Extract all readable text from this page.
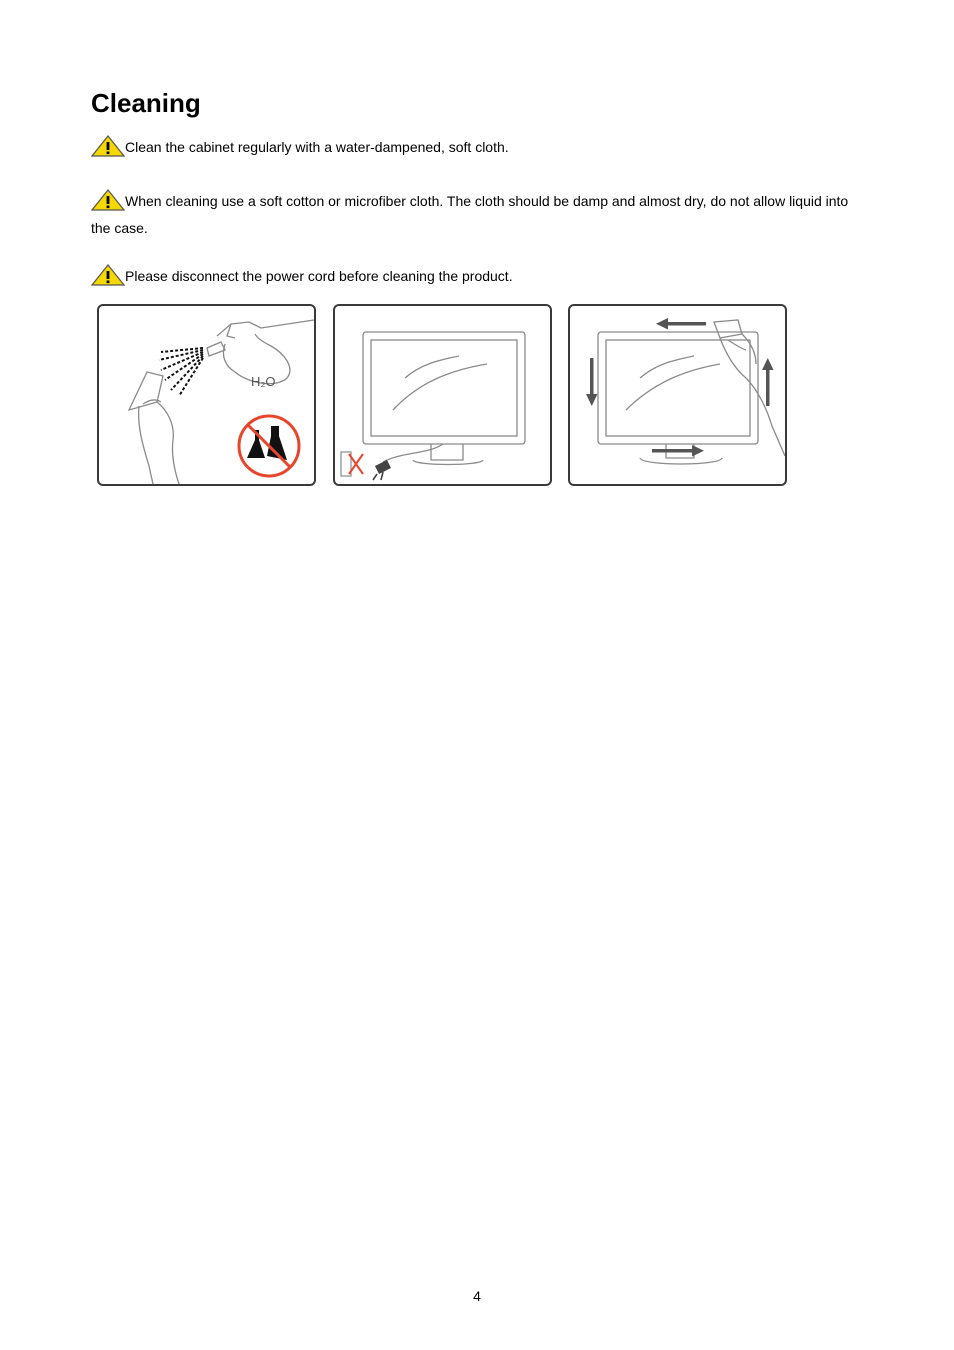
Cleaning
Clean the cabinet regularly with a water-dampened, soft cloth.
When cleaning use a soft cotton or microfiber cloth. The cloth should be damp and almost dry, do not allow liquid into the case.
Please disconnect the power cord before cleaning the product.
H₂O
4
